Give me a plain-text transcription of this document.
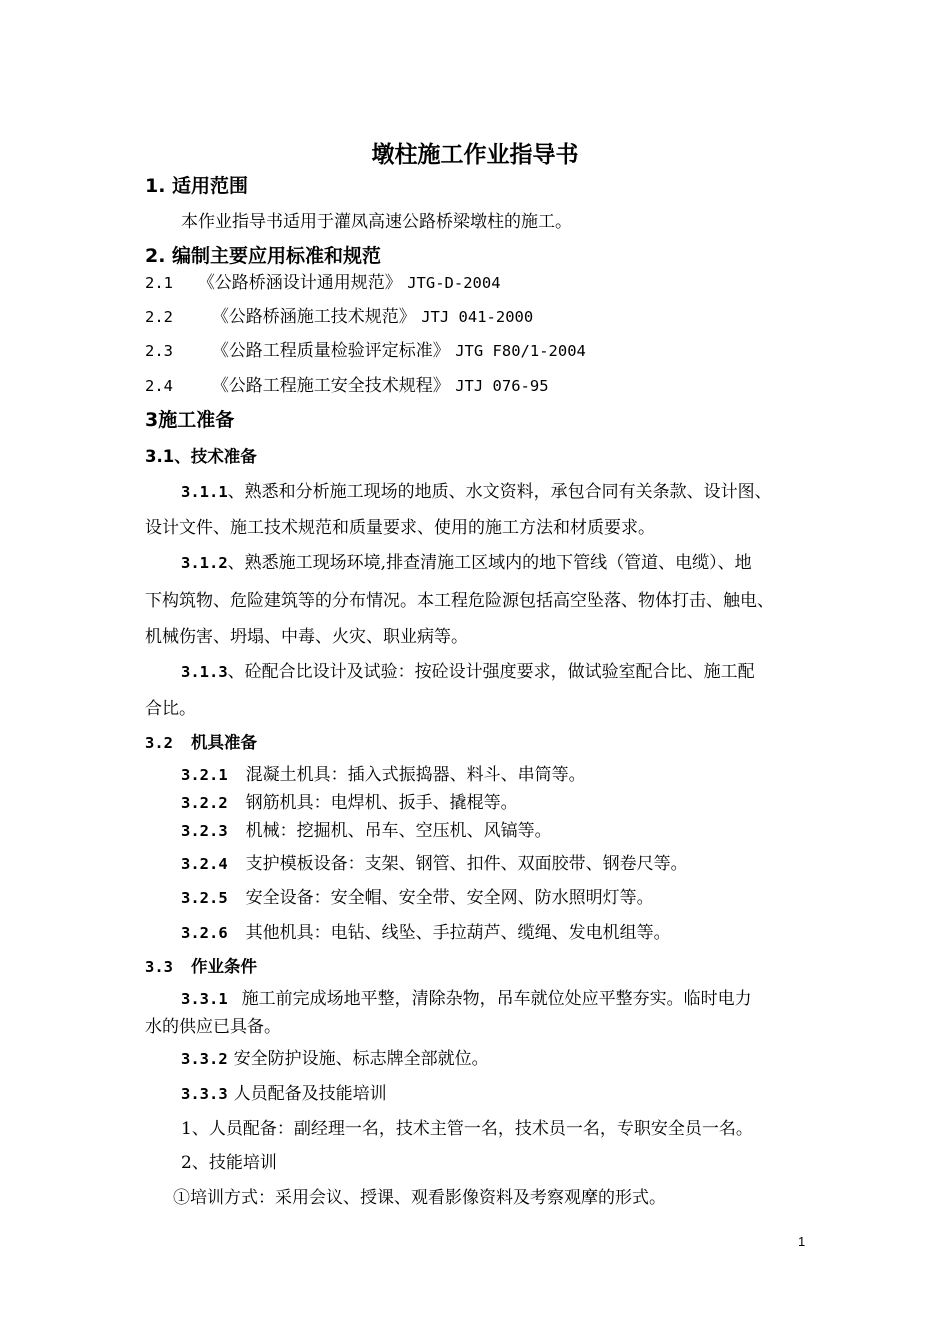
墩柱施工作业指导书
1. 适用范围
本作业指导书适用于灌凤高速公路桥梁墩柱的施工。
2. 编制主要应用标准和规范
2.1 《公路桥涵设计通用规范》 JTG-D-2004
2.2 《公路桥涵施工技术规范》 JTJ 041-2000
2.3 《公路工程质量检验评定标准》 JTG F80/1-2004
2.4 《公路工程施工安全技术规程》 JTJ 076-95
3施工准备
3.1、技术准备
3.1.1、熟悉和分析施工现场的地质、水文资料，承包合同有关条款、设计图、
设计文件、施工技术规范和质量要求、使用的施工方法和材质要求。
3.1.2、熟悉施工现场环境,排查清施工区域内的地下管线（管道、电缆）、地
下构筑物、危险建筑等的分布情况。本工程危险源包括高空坠落、物体打击、触电、
机械伤害、坍塌、中毒、火灾、职业病等。
3.1.3、砼配合比设计及试验：按砼设计强度要求，做试验室配合比、施工配
合比。
3.2 机具准备
3.2.1 混凝土机具：插入式振捣器、料斗、串筒等。
3.2.2 钢筋机具：电焊机、扳手、撬棍等。
3.2.3 机械：挖掘机、吊车、空压机、风镐等。
3.2.4 支护模板设备：支架、钢管、扣件、双面胶带、钢卷尺等。
3.2.5 安全设备：安全帽、安全带、安全网、防水照明灯等。
3.2.6 其他机具：电钻、线坠、手拉葫芦、缆绳、发电机组等。
3.3 作业条件
3.3.1 施工前完成场地平整，清除杂物，吊车就位处应平整夯实。临时电力
水的供应已具备。
3.3.2 安全防护设施、标志牌全部就位。
3.3.3 人员配备及技能培训
1、人员配备：副经理一名，技术主管一名，技术员一名，专职安全员一名。
2、技能培训
①培训方式：采用会议、授课、观看影像资料及考察观摩的形式。
1
